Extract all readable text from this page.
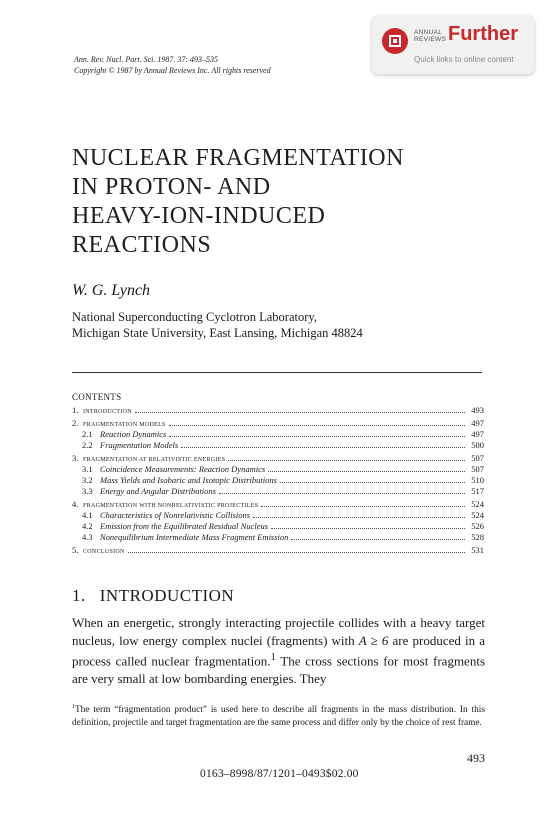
ANNUAL
REVIEWS Further
Quick links to online content
Ann. Rev. Nucl. Part. Sci. 1987. 37: 493–535
Copyright © 1987 by Annual Reviews Inc. All rights reserved
NUCLEAR FRAGMENTATION
IN PROTON- AND
HEAVY-ION-INDUCED
REACTIONS
W. G. Lynch
National Superconducting Cyclotron Laboratory,
Michigan State University, East Lansing, Michigan 48824
CONTENTS
1. INTRODUCTION	493
2. FRAGMENTATION MODELS	497
2.1 Reaction Dynamics	497
2.2 Fragmentation Models	500
3. FRAGMENTATION AT RELATIVISTIC ENERGIES	507
3.1 Coincidence Measurements: Reaction Dynamics	507
3.2 Mass Yields and Isobaric and Isotopic Distributions	510
3.3 Energy and Angular Distributions	517
4. FRAGMENTATION WITH NONRELATIVISTIC PROJECTILES	524
4.1 Characteristics of Nonrelativistic Collisions	524
4.2 Emission from the Equilibrated Residual Nucleus	526
4.3 Nonequilibrium Intermediate Mass Fragment Emission	528
5. CONCLUSION	531
1. INTRODUCTION
When an energetic, strongly interacting projectile collides with a heavy target nucleus, low energy complex nuclei (fragments) with A ≥ 6 are produced in a process called nuclear fragmentation.$^1$ The cross sections for most fragments are very small at low bombarding energies. They
$^1$The term “fragmentation product” is used here to describe all fragments in the mass distribution. In this definition, projectile and target fragmentation are the same process and differ only by the choice of rest frame.
493
0163–8998/87/1201–0493$02.00
